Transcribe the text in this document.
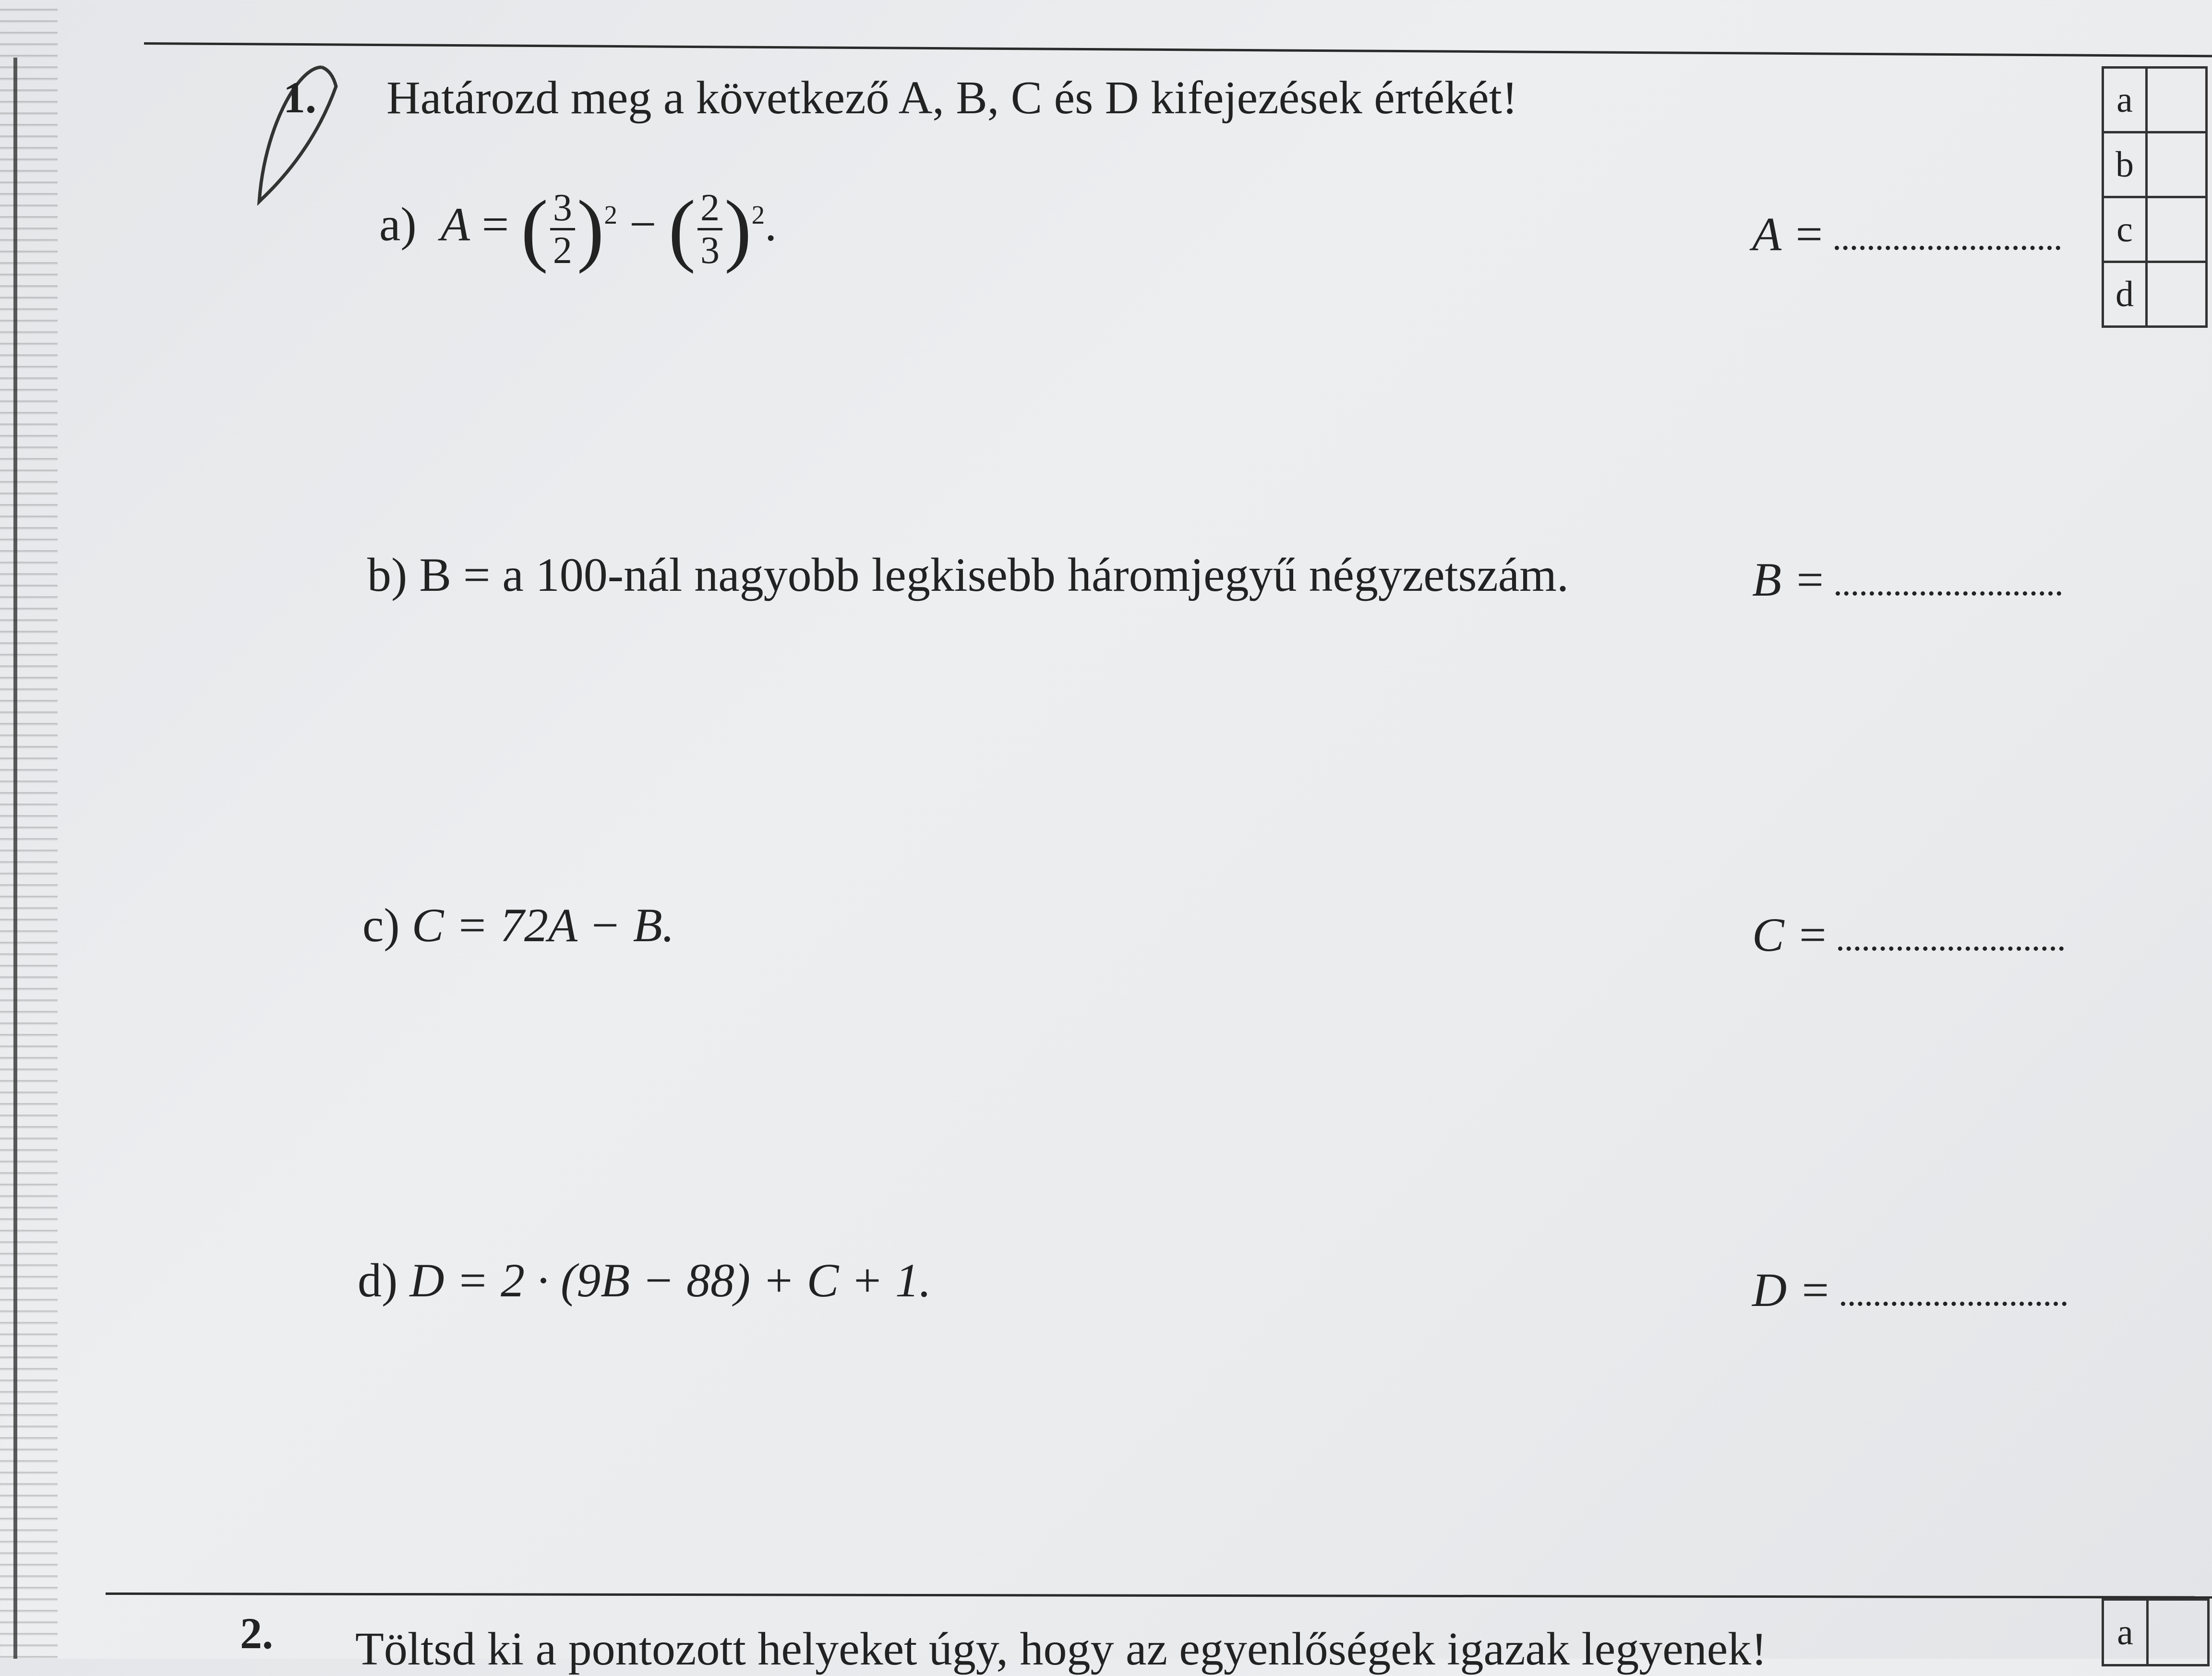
1. Határozd meg a következő A, B, C és D kifejezések értékét!	a	
b	
c	
d	
a)  A = ( $\frac{3}{2} )^2$ − ( $\frac{2}{3} )^2$.	A =
b) B = a 100-nál nagyobb legkisebb háromjegyű négyzetszám.	B =
c) C = 72A − B.	C =
d) D = 2 · (9B − 88) + C + 1.	D =
2. Töltsd ki a pontozott helyeket úgy, hogy az egyenlőségek igazak legyenek!	a	
